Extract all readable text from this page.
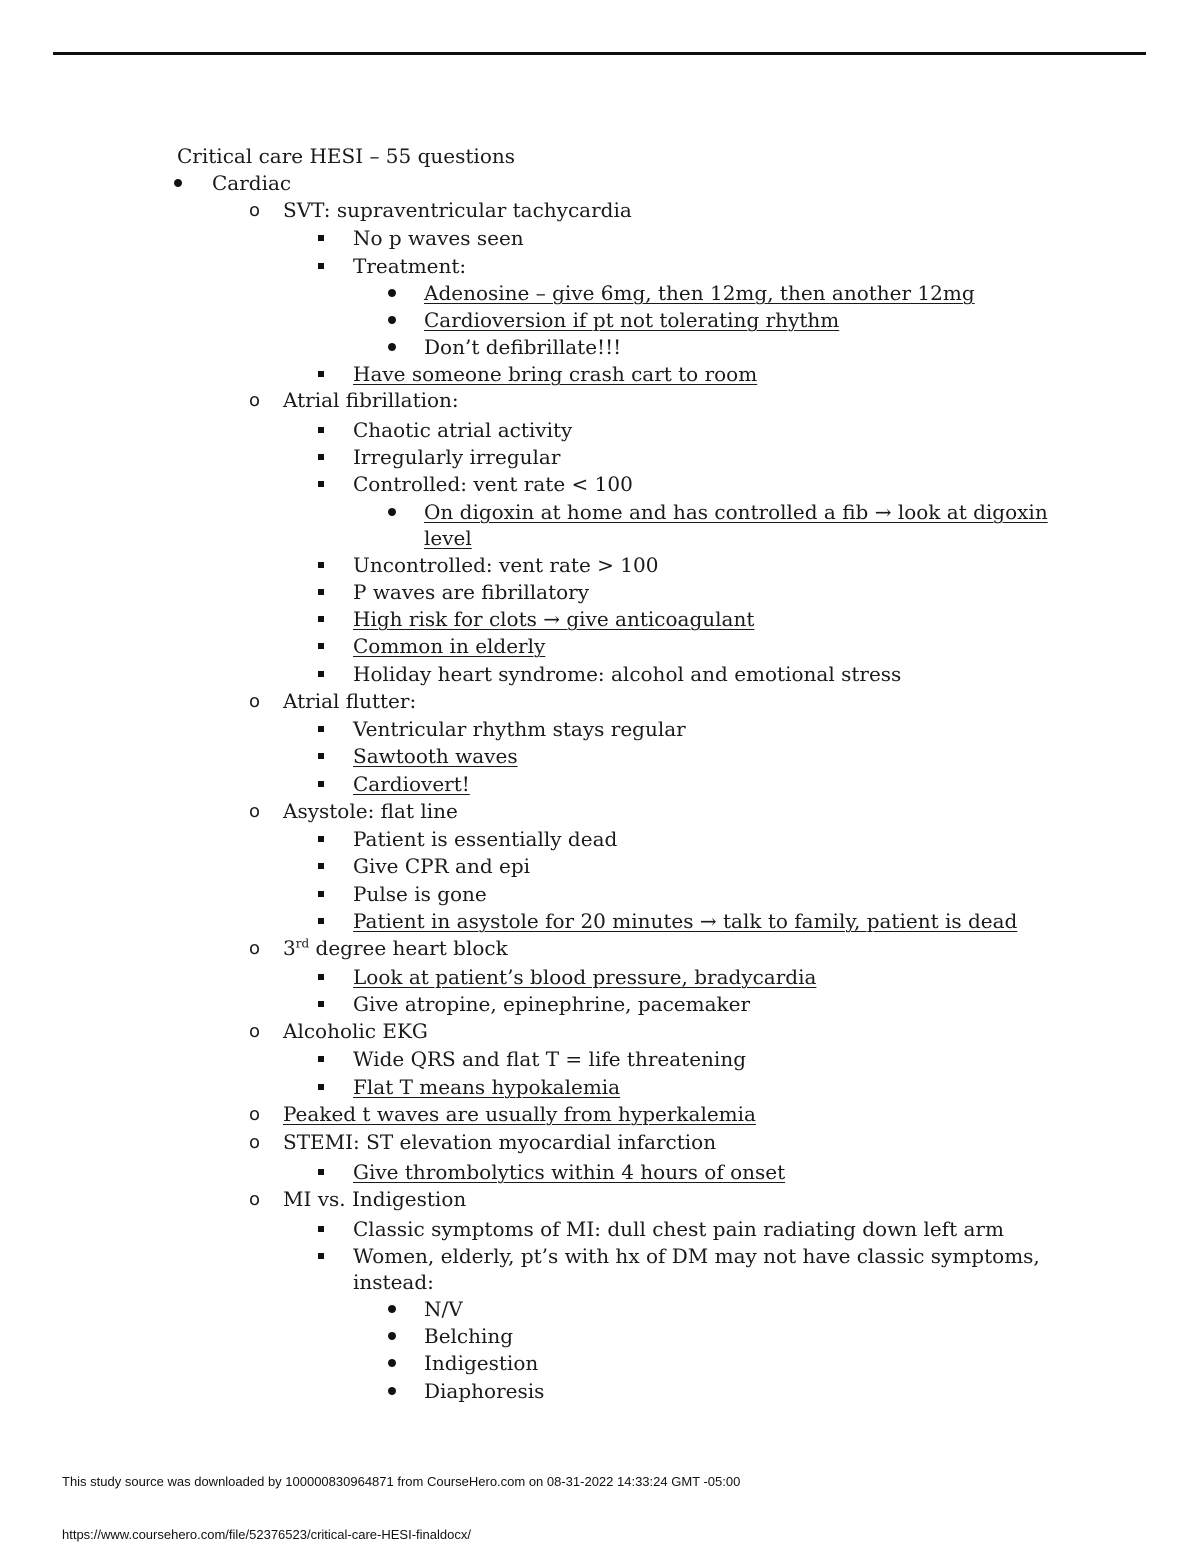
Critical care HESI – 55 questions
Cardiac
o	SVT: supraventricular tachycardia
No p waves seen
Treatment:
Adenosine – give 6mg, then 12mg, then another 12mg
Cardioversion if pt not tolerating rhythm
Don’t defibrillate!!!
Have someone bring crash cart to room
o	Atrial fibrillation:
Chaotic atrial activity
Irregularly irregular
Controlled: vent rate < 100
On digoxin at home and has controlled a fib → look at digoxin
level
Uncontrolled: vent rate > 100
P waves are fibrillatory
High risk for clots → give anticoagulant
Common in elderly
Holiday heart syndrome: alcohol and emotional stress
o	Atrial flutter:
Ventricular rhythm stays regular
Sawtooth waves
Cardiovert!
o	Asystole: flat line
Patient is essentially dead
Give CPR and epi
Pulse is gone
Patient in asystole for 20 minutes → talk to family, patient is dead
o	3rd degree heart block
Look at patient’s blood pressure, bradycardia
Give atropine, epinephrine, pacemaker
o	Alcoholic EKG
Wide QRS and flat T = life threatening
Flat T means hypokalemia
o	Peaked t waves are usually from hyperkalemia
o	STEMI: ST elevation myocardial infarction
Give thrombolytics within 4 hours of onset
o	MI vs. Indigestion
Classic symptoms of MI: dull chest pain radiating down left arm
Women, elderly, pt’s with hx of DM may not have classic symptoms,
instead:
N/V
Belching
Indigestion
Diaphoresis
This study source was downloaded by 100000830964871 from CourseHero.com on 08-31-2022 14:33:24 GMT -05:00
https://www.coursehero.com/file/52376523/critical-care-HESI-finaldocx/
